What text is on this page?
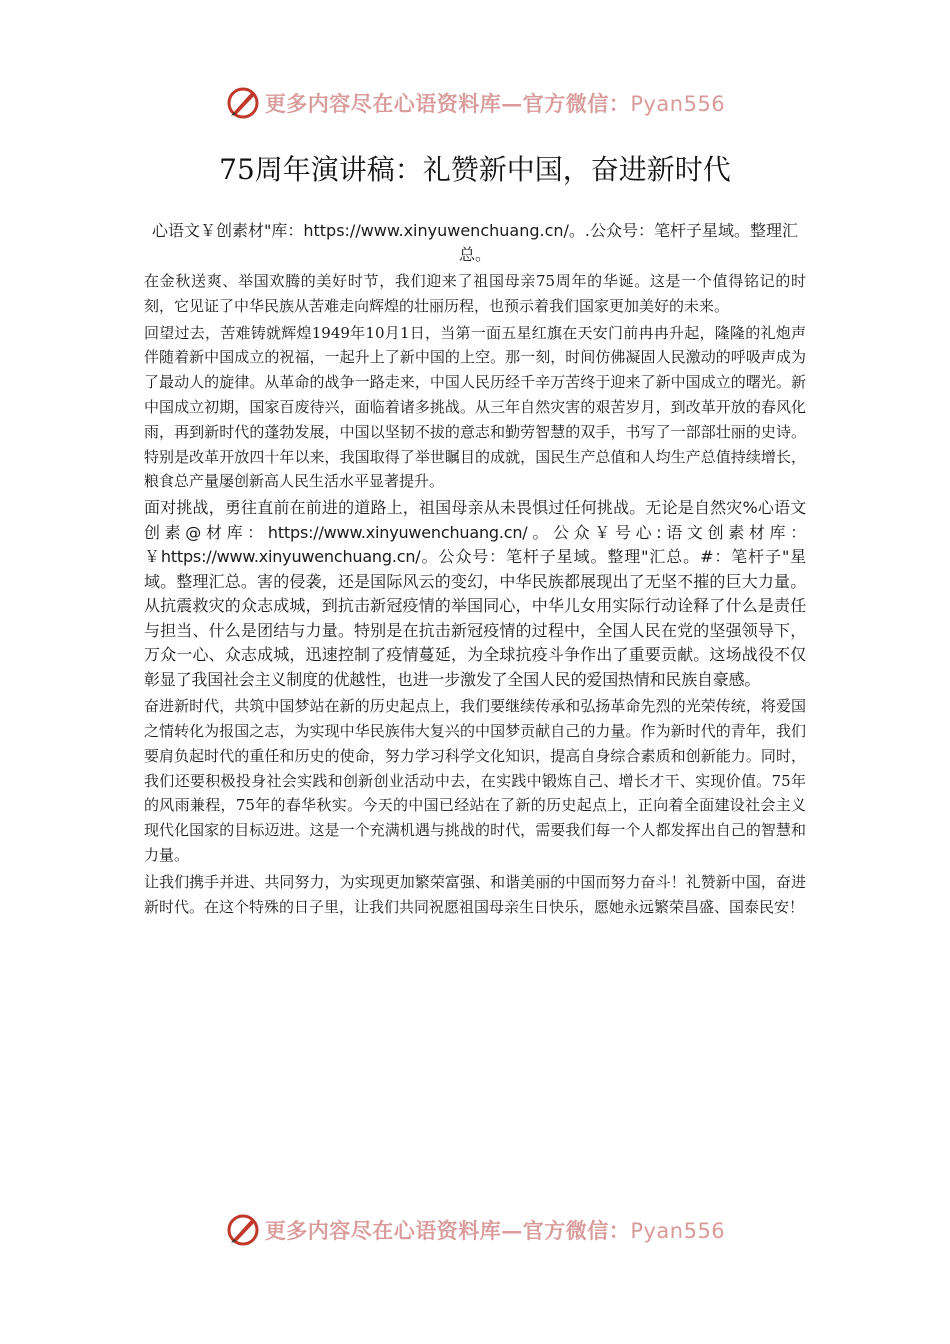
更多内容尽在心语资料库—官方微信：Pyan556
75周年演讲稿：礼赞新中国，奋进新时代

心语文￥创素材"库：https://www.xinyuwenchuang.cn/。.公众号：笔杆子星域。整理汇总。

在金秋送爽、举国欢腾的美好时节，我们迎来了祖国母亲75周年的华诞。这是一个值得铭记的时刻，它见证了中华民族从苦难走向辉煌的壮丽历程，也预示着我们国家更加美好的未来。

回望过去，苦难铸就辉煌1949年10月1日，当第一面五星红旗在天安门前冉冉升起，隆隆的礼炮声伴随着新中国成立的祝福，一起升上了新中国的上空。那一刻，时间仿佛凝固人民激动的呼吸声成为了最动人的旋律。从革命的战争一路走来，中国人民历经千辛万苦终于迎来了新中国成立的曙光。新中国成立初期，国家百废待兴，面临着诸多挑战。从三年自然灾害的艰苦岁月，到改革开放的春风化雨，再到新时代的蓬勃发展，中国以坚韧不拔的意志和勤劳智慧的双手，书写了一部部壮丽的史诗。特别是改革开放四十年以来，我国取得了举世瞩目的成就，国民生产总值和人均生产总值持续增长，粮食总产量屡创新高人民生活水平显著提升。

面对挑战，勇往直前在前进的道路上，祖国母亲从未畏惧过任何挑战。无论是自然灾%心语文创素@材库：https://www.xinyuwenchuang.cn/。公众￥号心:语文创素材库：￥https://www.xinyuwenchuang.cn/。公众号：笔杆子星域。整理"汇总。#：笔杆子"星域。整理汇总。害的侵袭，还是国际风云的变幻，中华民族都展现出了无坚不摧的巨大力量。从抗震救灾的众志成城，到抗击新冠疫情的举国同心，中华儿女用实际行动诠释了什么是责任与担当、什么是团结与力量。特别是在抗击新冠疫情的过程中，全国人民在党的坚强领导下，万众一心、众志成城，迅速控制了疫情蔓延，为全球抗疫斗争作出了重要贡献。这场战役不仅彰显了我国社会主义制度的优越性，也进一步激发了全国人民的爱国热情和民族自豪感。

奋进新时代，共筑中国梦站在新的历史起点上，我们要继续传承和弘扬革命先烈的光荣传统，将爱国之情转化为报国之志，为实现中华民族伟大复兴的中国梦贡献自己的力量。作为新时代的青年，我们要肩负起时代的重任和历史的使命，努力学习科学文化知识，提高自身综合素质和创新能力。同时，我们还要积极投身社会实践和创新创业活动中去，在实践中锻炼自己、增长才干、实现价值。75年的风雨兼程，75年的春华秋实。今天的中国已经站在了新的历史起点上，正向着全面建设社会主义现代化国家的目标迈进。这是一个充满机遇与挑战的时代，需要我们每一个人都发挥出自己的智慧和力量。

让我们携手并进、共同努力，为实现更加繁荣富强、和谐美丽的中国而努力奋斗！礼赞新中国，奋进新时代。在这个特殊的日子里，让我们共同祝愿祖国母亲生日快乐，愿她永远繁荣昌盛、国泰民安！

更多内容尽在心语资料库—官方微信：Pyan556
